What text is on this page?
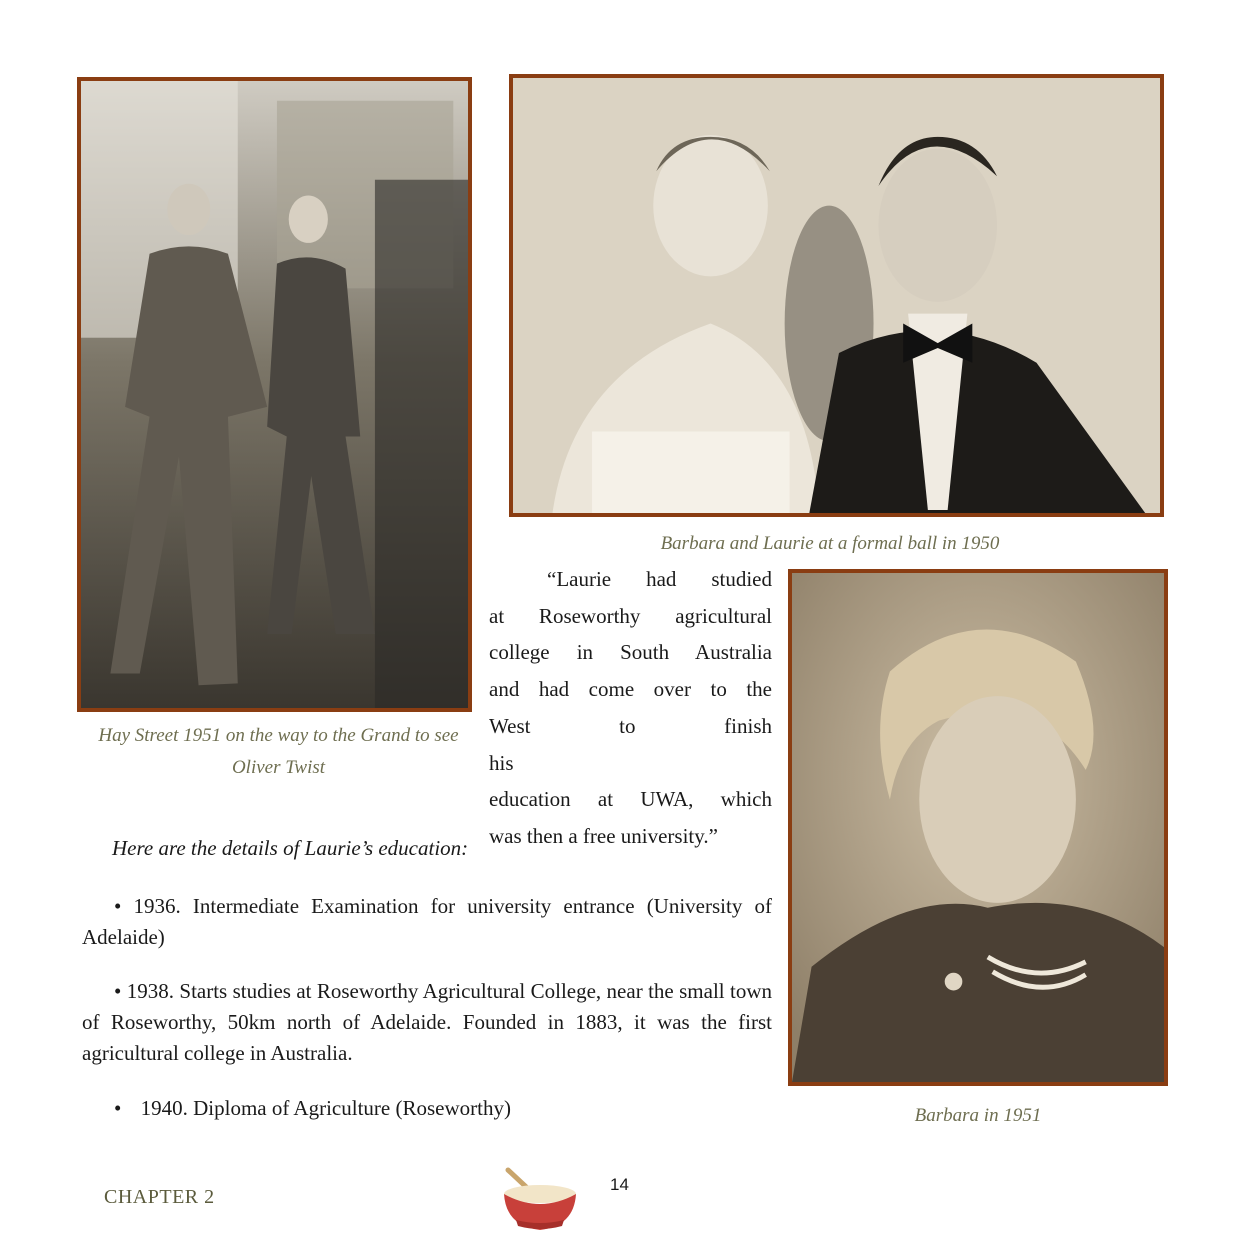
Hay Street 1951 on the way to the Grand to see Oliver Twist
Barbara and Laurie at a formal ball in 1950
Barbara in 1951
“Laurie had studied
at Roseworthy agricultural
college in South Australia
and had come over to the
West to finish his
education at UWA, which
was then a free university.”
Here are the details of Laurie’s education:
• 1936. Intermediate Examination for university entrance (University of Adelaide)
• 1938. Starts studies at Roseworthy Agricultural College, near the small town of Roseworthy, 50km north of Adelaide. Founded in 1883, it was the first agricultural college in Australia.
• 1940. Diploma of Agriculture (Roseworthy)
CHAPTER 2
14
